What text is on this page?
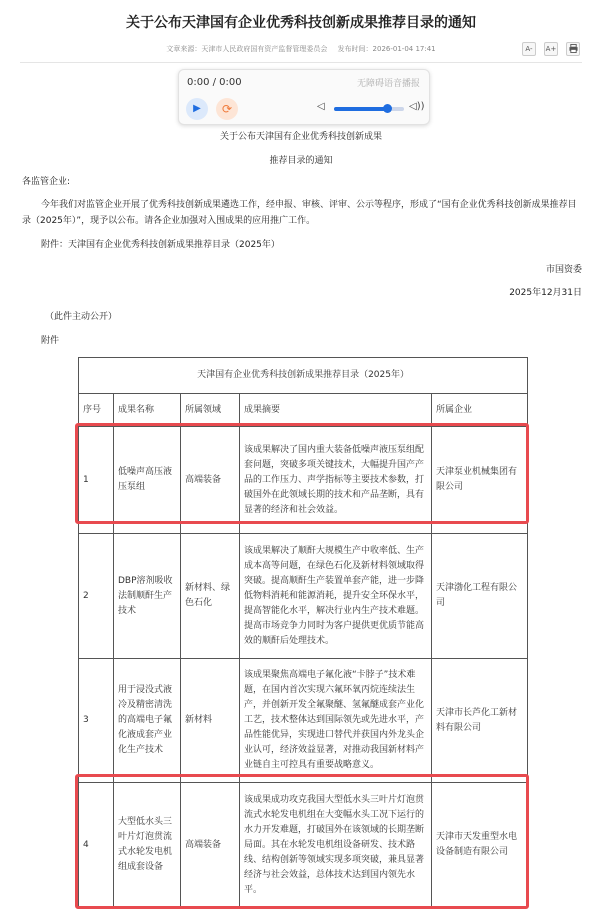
关于公布天津国有企业优秀科技创新成果推荐目录的通知
文章来源：天津市人民政府国有资产监督管理委员会 发布时间：2026-01-04 17:41	A-	A+
0:00 / 0:00	无障碍语音播报
▶	⟳	◁	◁))
关于公布天津国有企业优秀科技创新成果
推荐目录的通知
各监管企业:
今年我们对监管企业开展了优秀科技创新成果遴选工作，经申报、审核、评审、公示等程序，形成了“国有企业优秀科技创新成果推荐目
录（2025年）”，现予以公布。请各企业加强对入围成果的应用推广工作。
附件：天津国有企业优秀科技创新成果推荐目录（2025年）
市国资委
2025年12月31日
（此件主动公开）
附件
天津国有企业优秀科技创新成果推荐目录（2025年）				
序号	成果名称	所属领域	成果摘要	所属企业
1	低噪声高压液压泵组	高端装备	该成果解决了国内重大装备低噪声液压泵组配套问题，突破多项关键技术，大幅提升国产产品的工作压力、声学指标等主要技术参数，打破国外在此领域长期的技术和产品垄断，具有显著的经济和社会效益。	天津泵业机械集团有限公司
2	DBP溶剂吸收法制顺酐生产技术	新材料、绿色石化	该成果解决了顺酐大规模生产中收率低、生产成本高等问题，在绿色石化及新材料领域取得突破。提高顺酐生产装置单套产能，进一步降低物料消耗和能源消耗，提升安全环保水平，提高智能化水平，解决行业内生产技术难题。提高市场竞争力同时为客户提供更优质节能高效的顺酐后处理技术。	天津渤化工程有限公司
3	用于浸没式液冷及精密清洗的高端电子氟化液成套产业化生产技术	新材料	该成果聚焦高端电子氟化液“卡脖子”技术难题，在国内首次实现六氟环氧丙烷连续法生产，并创新开发全氟聚醚、氢氟醚成套产业化工艺，技术整体达到国际领先或先进水平，产品性能优异，实现进口替代并获国内外龙头企业认可，经济效益显著，对推动我国新材料产业链自主可控具有重要战略意义。	天津市长芦化工新材料有限公司
4	大型低水头三叶片灯泡贯流式水轮发电机组成套设备	高端装备	该成果成功攻克我国大型低水头三叶片灯泡贯流式水轮发电机组在大变幅水头工况下运行的水力开发难题，打破国外在该领域的长期垄断局面。其在水轮发电机组设备研发、技术路线、结构创新等领域实现多项突破，兼具显著经济与社会效益，总体技术达到国内领先水平。	天津市天发重型水电设备制造有限公司
